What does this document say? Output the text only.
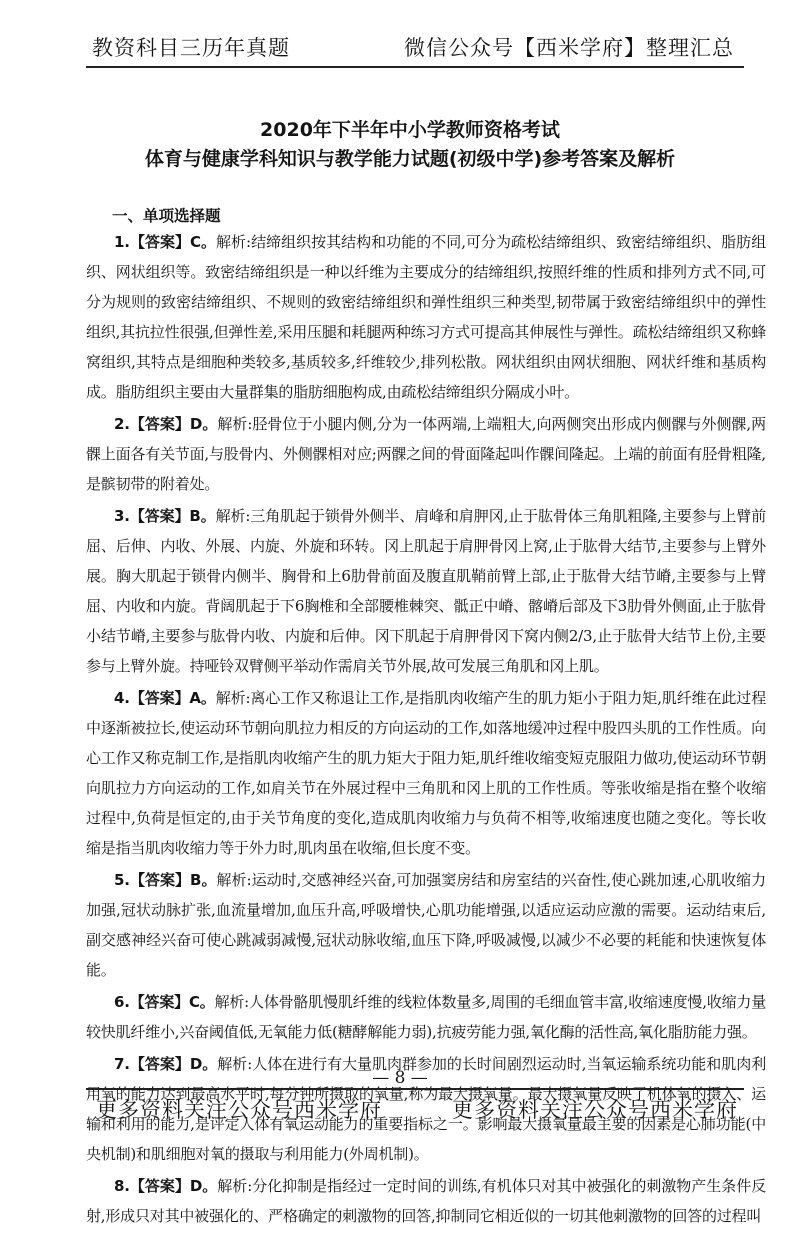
教资科目三历年真题	微信公众号【西米学府】整理汇总
2020年下半年中小学教师资格考试
体育与健康学科知识与教学能力试题(初级中学)参考答案及解析
一、单项选择题

1.【答案】C。解析:结缔组织按其结构和功能的不同,可分为疏松结缔组织、致密结缔组织、脂肪组织、网状组织等。致密结缔组织是一种以纤维为主要成分的结缔组织,按照纤维的性质和排列方式不同,可分为规则的致密结缔组织、不规则的致密结缔组织和弹性组织三种类型,韧带属于致密结缔组织中的弹性组织,其抗拉性很强,但弹性差,采用压腿和耗腿两种练习方式可提高其伸展性与弹性。疏松结缔组织又称蜂窝组织,其特点是细胞种类较多,基质较多,纤维较少,排列松散。网状组织由网状细胞、网状纤维和基质构成。脂肪组织主要由大量群集的脂肪细胞构成,由疏松结缔组织分隔成小叶。

2.【答案】D。解析:胫骨位于小腿内侧,分为一体两端,上端粗大,向两侧突出形成内侧髁与外侧髁,两髁上面各有关节面,与股骨内、外侧髁相对应;两髁之间的骨面隆起叫作髁间隆起。上端的前面有胫骨粗隆,是髌韧带的附着处。

3.【答案】B。解析:三角肌起于锁骨外侧半、肩峰和肩胛冈,止于肱骨体三角肌粗隆,主要参与上臂前屈、后伸、内收、外展、内旋、外旋和环转。冈上肌起于肩胛骨冈上窝,止于肱骨大结节,主要参与上臂外展。胸大肌起于锁骨内侧半、胸骨和上6肋骨前面及腹直肌鞘前臂上部,止于肱骨大结节嵴,主要参与上臂屈、内收和内旋。背阔肌起于下6胸椎和全部腰椎棘突、骶正中嵴、髂嵴后部及下3肋骨外侧面,止于肱骨小结节嵴,主要参与肱骨内收、内旋和后伸。冈下肌起于肩胛骨冈下窝内侧2/3,止于肱骨大结节上份,主要参与上臂外旋。持哑铃双臂侧平举动作需肩关节外展,故可发展三角肌和冈上肌。

4.【答案】A。解析:离心工作又称退让工作,是指肌肉收缩产生的肌力矩小于阻力矩,肌纤维在此过程中逐渐被拉长,使运动环节朝向肌拉力相反的方向运动的工作,如落地缓冲过程中股四头肌的工作性质。向心工作又称克制工作,是指肌肉收缩产生的肌力矩大于阻力矩,肌纤维收缩变短克服阻力做功,使运动环节朝向肌拉力方向运动的工作,如肩关节在外展过程中三角肌和冈上肌的工作性质。等张收缩是指在整个收缩过程中,负荷是恒定的,由于关节角度的变化,造成肌肉收缩力与负荷不相等,收缩速度也随之变化。等长收缩是指当肌肉收缩力等于外力时,肌肉虽在收缩,但长度不变。

5.【答案】B。解析:运动时,交感神经兴奋,可加强窦房结和房室结的兴奋性,使心跳加速,心肌收缩力加强,冠状动脉扩张,血流量增加,血压升高,呼吸增快,心肌功能增强,以适应运动应激的需要。运动结束后,副交感神经兴奋可使心跳减弱减慢,冠状动脉收缩,血压下降,呼吸减慢,以减少不必要的耗能和快速恢复体能。

6.【答案】C。解析:人体骨骼肌慢肌纤维的线粒体数量多,周围的毛细血管丰富,收缩速度慢,收缩力量较快肌纤维小,兴奋阈值低,无氧能力低(糖酵解能力弱),抗疲劳能力强,氧化酶的活性高,氧化脂肪能力强。

7.【答案】D。解析:人体在进行有大量肌肉群参加的长时间剧烈运动时,当氧运输系统功能和肌肉利用氧的能力达到最高水平时,每分钟所摄取的氧量,称为最大摄氧量。最大摄氧量反映了机体氧的摄入、运输和利用的能力,是评定人体有氧运动能力的重要指标之一。影响最大摄氧量最主要的因素是心肺功能(中央机制)和肌细胞对氧的摄取与利用能力(外周机制)。

8.【答案】D。解析:分化抑制是指经过一定时间的训练,有机体只对其中被强化的刺激物产生条件反射,形成只对其中被强化的、严格确定的刺激物的回答,抑制同它相近似的一切其他刺激物的回答的过程叫

— 8 —
更多资料关注公众号西米学府	更多资料关注公众号西米学府
